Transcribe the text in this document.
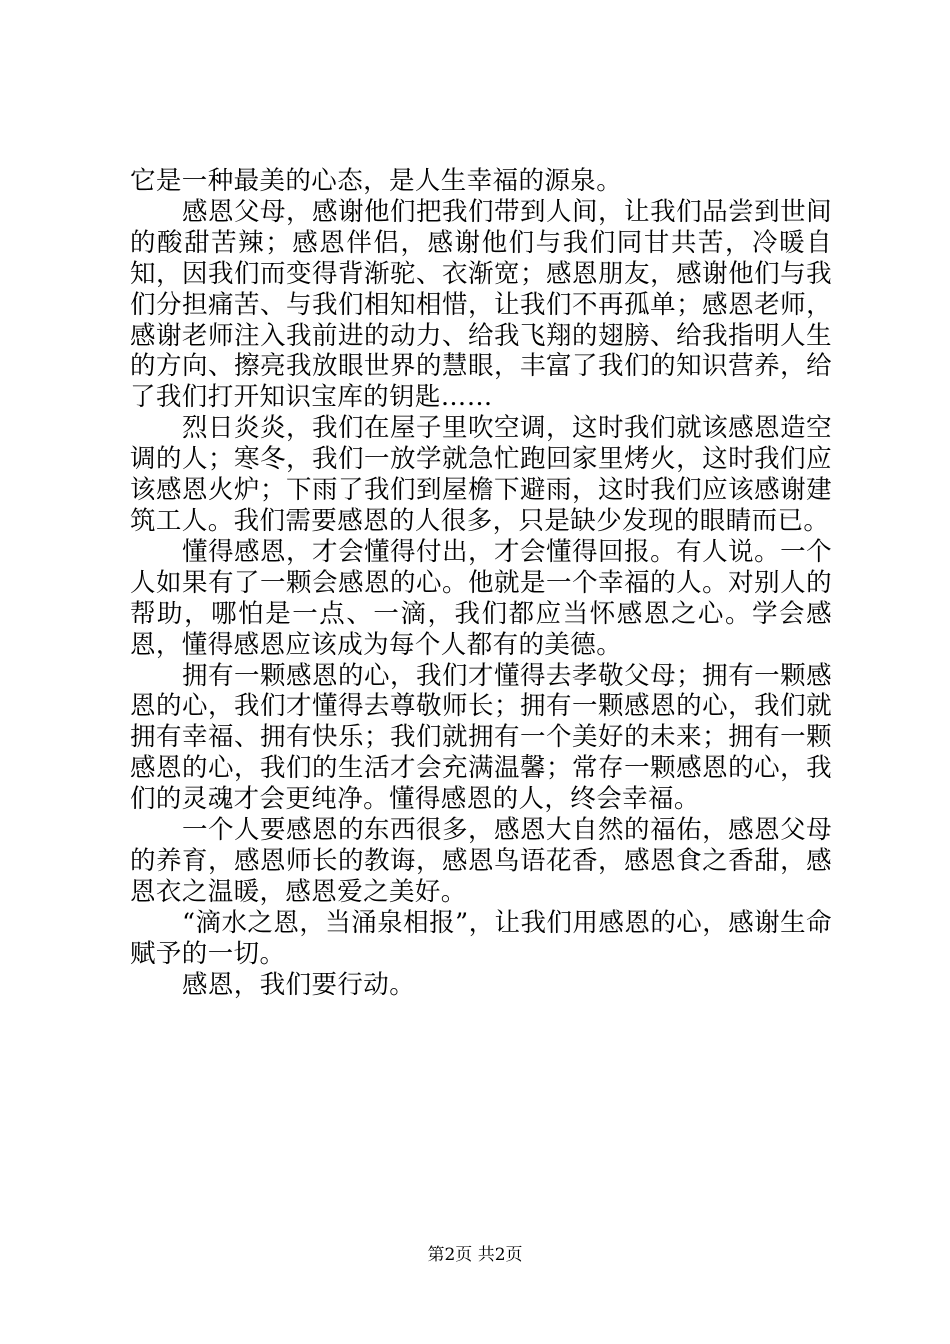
它是一种最美的心态，是人生幸福的源泉。

感恩父母，感谢他们把我们带到人间，让我们品尝到世间的酸甜苦辣；感恩伴侣，感谢他们与我们同甘共苦，冷暖自知，因我们而变得背渐驼、衣渐宽；感恩朋友，感谢他们与我们分担痛苦、与我们相知相惜，让我们不再孤单；感恩老师，感谢老师注入我前进的动力、给我飞翔的翅膀、给我指明人生的方向、擦亮我放眼世界的慧眼，丰富了我们的知识营养，给了我们打开知识宝库的钥匙……

烈日炎炎，我们在屋子里吹空调，这时我们就该感恩造空调的人；寒冬，我们一放学就急忙跑回家里烤火，这时我们应该感恩火炉；下雨了我们到屋檐下避雨，这时我们应该感谢建筑工人。我们需要感恩的人很多，只是缺少发现的眼睛而已。

懂得感恩，才会懂得付出，才会懂得回报。有人说。一个人如果有了一颗会感恩的心。他就是一个幸福的人。对别人的帮助，哪怕是一点、一滴，我们都应当怀感恩之心。学会感恩，懂得感恩应该成为每个人都有的美德。

拥有一颗感恩的心，我们才懂得去孝敬父母；拥有一颗感恩的心，我们才懂得去尊敬师长；拥有一颗感恩的心，我们就拥有幸福、拥有快乐；我们就拥有一个美好的未来；拥有一颗感恩的心，我们的生活才会充满温馨；常存一颗感恩的心，我们的灵魂才会更纯净。懂得感恩的人，终会幸福。

一个人要感恩的东西很多，感恩大自然的福佑，感恩父母的养育，感恩师长的教诲，感恩鸟语花香，感恩食之香甜，感恩衣之温暖，感恩爱之美好。

“滴水之恩，当涌泉相报”，让我们用感恩的心，感谢生命赋予的一切。

感恩，我们要行动。

第2页 共2页
